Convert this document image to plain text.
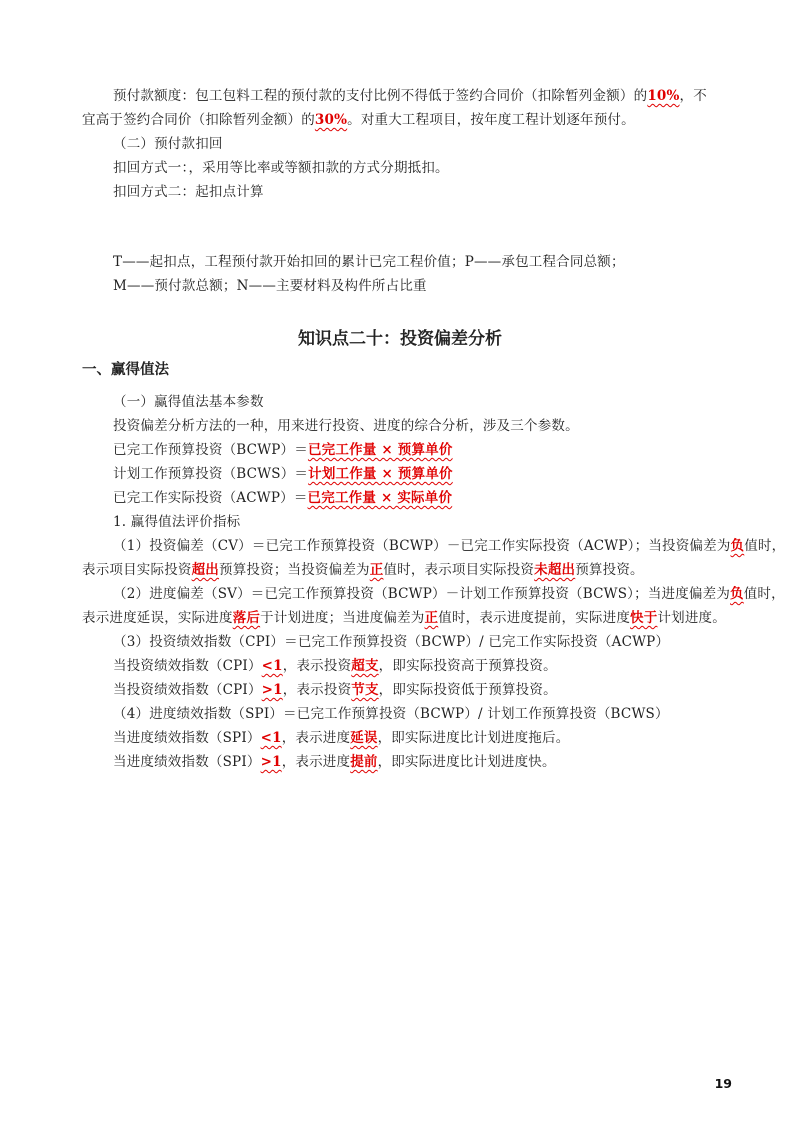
预付款额度：包工包料工程的预付款的支付比例不得低于签约合同价（扣除暂列金额）的10%，不
宜高于签约合同价（扣除暂列金额）的30%。对重大工程项目，按年度工程计划逐年预付。
（二）预付款扣回
扣回方式一：，采用等比率或等额扣款的方式分期抵扣。
扣回方式二：起扣点计算
T——起扣点，工程预付款开始扣回的累计已完工程价值；P——承包工程合同总额；
M——预付款总额；N——主要材料及构件所占比重
知识点二十：投资偏差分析
一、赢得值法
（一）赢得值法基本参数
投资偏差分析方法的一种，用来进行投资、进度的综合分析，涉及三个参数。
已完工作预算投资（BCWP）＝已完工作量 × 预算单价
计划工作预算投资（BCWS）＝计划工作量 × 预算单价
已完工作实际投资（ACWP）＝已完工作量 × 实际单价
1. 赢得值法评价指标
（1）投资偏差（CV）＝已完工作预算投资（BCWP）－已完工作实际投资（ACWP）；当投资偏差为负值时，
表示项目实际投资超出预算投资；当投资偏差为正值时，表示项目实际投资未超出预算投资。
（2）进度偏差（SV）＝已完工作预算投资（BCWP）－计划工作预算投资（BCWS）；当进度偏差为负值时，
表示进度延误，实际进度落后于计划进度；当进度偏差为正值时，表示进度提前，实际进度快于计划进度。
（3）投资绩效指数（CPI）＝已完工作预算投资（BCWP）/ 已完工作实际投资（ACWP）
当投资绩效指数（CPI）<1，表示投资超支，即实际投资高于预算投资。
当投资绩效指数（CPI）>1，表示投资节支，即实际投资低于预算投资。
（4）进度绩效指数（SPI）＝已完工作预算投资（BCWP）/ 计划工作预算投资（BCWS）
当进度绩效指数（SPI）<1，表示进度延误，即实际进度比计划进度拖后。
当进度绩效指数（SPI）>1，表示进度提前，即实际进度比计划进度快。
19
